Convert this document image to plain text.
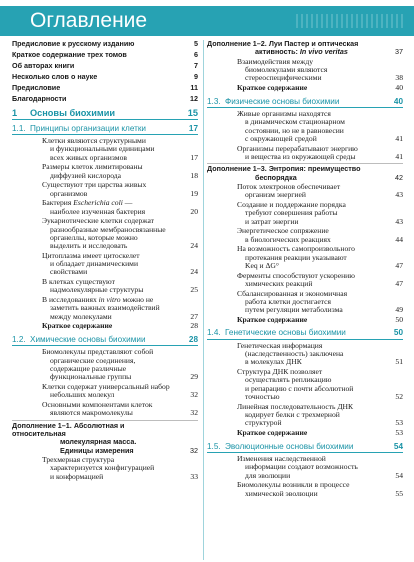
Оглавление
Предисловие к русскому изданию	5
Краткое содержание трех томов	6
Об авторах книги	7
Несколько слов о науке	9
Предисловие	11
Благодарности	12
1 Основы биохимии	15
1.1. Принципы организации клетки	17
Клетки являются структурными
и функциональными единицами
всех живых организмов	17
Размеры клеток лимитированы
диффузией кислорода	18
Существуют три царства живых
организмов	19
Бактерия Escherichia coli —
наиболее изученная бактерия	20
Эукариотические клетки содержат
разнообразные мембраносвязанные
органеллы, которые можно
выделить и исследовать	24
Цитоплазма имеет цитоскелет
и обладает динамическими
свойствами	24
В клетках существуют
надмолекулярные структуры	25
В исследованиях in vitro можно не
заметить важных взаимодействий
между молекулами	27
Краткое содержание	28
1.2. Химические основы биохимии	28
Биомолекулы представляют собой
органические соединения,
содержащие различные
функциональные группы	29
Клетки содержат универсальный набор
небольших молекул	32
Основными компонентами клеток
являются макромолекулы	32
Дополнение 1–1. Абсолютная и относительная
молекулярная масса.
Единицы измерения	32
Трехмерная структура
характеризуется конфигурацией
и конформацией	33
Дополнение 1–2. Луи Пастер и оптическая
активность: In vivo veritas	37
Взаимодействия между
биомолекулами являются
стереоспецифическими	38
Краткое содержание	40
1.3. Физические основы биохимии	40
Живые организмы находятся
в динамическом стационарном
состоянии, но не в равновесии
с окружающей средой	41
Организмы перерабатывают энергию
и вещества из окружающей среды	41
Дополнение 1–3. Энтропия: преимущество
беспорядка	42
Поток электронов обеспечивает
организм энергией	43
Создание и поддержание порядка
требуют совершения работы
и затрат энергии	43
Энергетическое сопряжение
в биологических реакциях	44
На возможность самопроизвольного
протекания реакции указывают
Keq и ΔG°	47
Ферменты способствуют ускорению
химических реакций	47
Сбалансированная и экономичная
работа клетки достигается
путем регуляции метаболизма	49
Краткое содержание	50
1.4. Генетические основы биохимии	50
Генетическая информация
(наследственность) заключена
в молекулах ДНК	51
Структура ДНК позволяет
осуществлять репликацию
и репарацию с почти абсолютной
точностью	52
Линейная последовательность ДНК
кодирует белки с трехмерной
структурой	53
Краткое содержание	53
1.5. Эволюционные основы биохимии	54
Изменения наследственной
информации создают возможность
для эволюции	54
Биомолекулы возникли в процессе
химической эволюции	55
